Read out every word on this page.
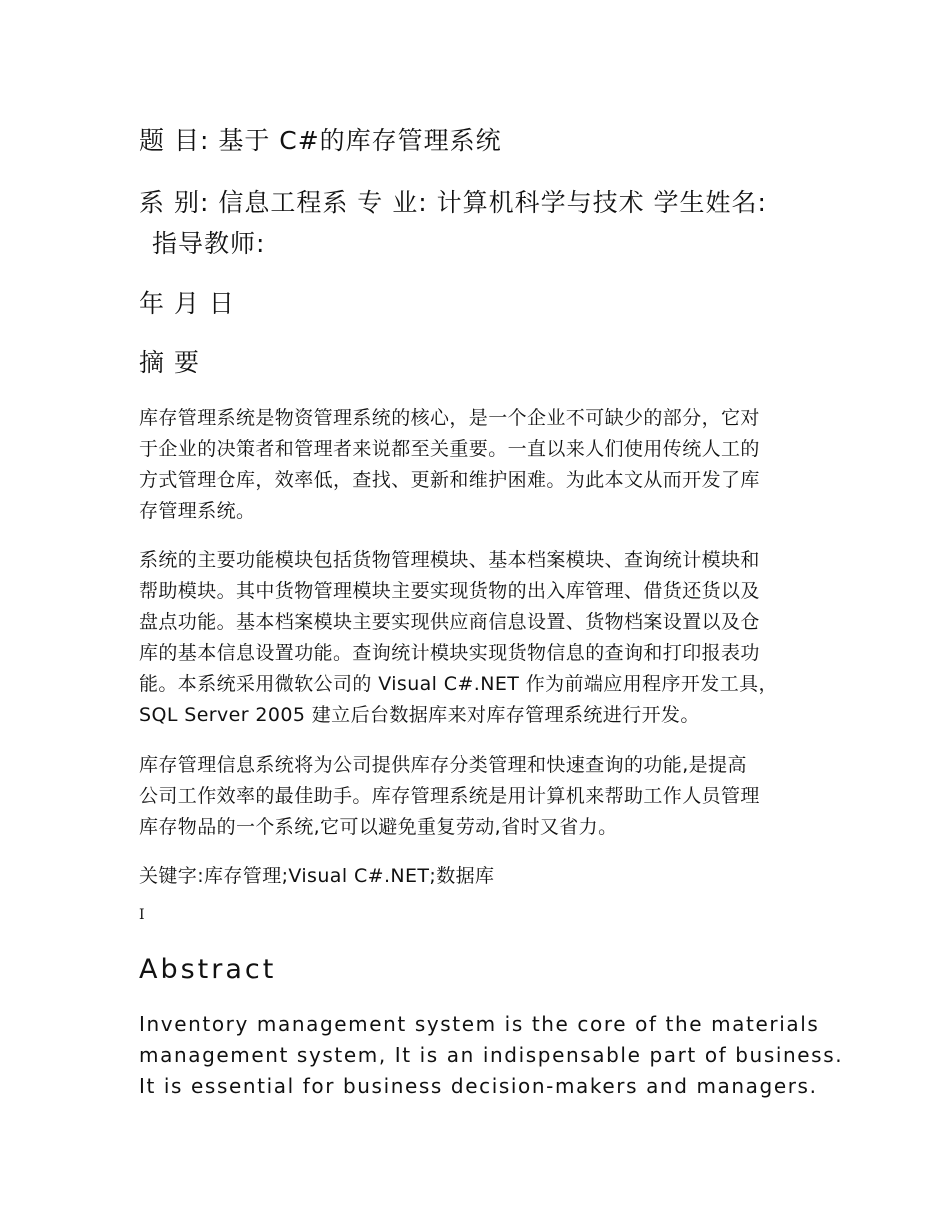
题 目: 基于 C#的库存管理系统
系 别: 信息工程系 专 业: 计算机科学与技术 学生姓名:
指导教师:
年 月 日
摘 要
库存管理系统是物资管理系统的核心，是一个企业不可缺少的部分，它对
于企业的决策者和管理者来说都至关重要。一直以来人们使用传统人工的
方式管理仓库，效率低，查找、更新和维护困难。为此本文从而开发了库
存管理系统。
系统的主要功能模块包括货物管理模块、基本档案模块、查询统计模块和
帮助模块。其中货物管理模块主要实现货物的出入库管理、借货还货以及
盘点功能。基本档案模块主要实现供应商信息设置、货物档案设置以及仓
库的基本信息设置功能。查询统计模块实现货物信息的查询和打印报表功
能。本系统采用微软公司的 Visual C#.NET 作为前端应用程序开发工具，
SQL Server 2005 建立后台数据库来对库存管理系统进行开发。
库存管理信息系统将为公司提供库存分类管理和快速查询的功能,是提高
公司工作效率的最佳助手。库存管理系统是用计算机来帮助工作人员管理
库存物品的一个系统,它可以避免重复劳动,省时又省力。
关键字:库存管理;Visual C#.NET;数据库
I
Abstract
Inventory management system is the core of the materials
management system, It is an indispensable part of business.
It is essential for business decision-makers and managers.
